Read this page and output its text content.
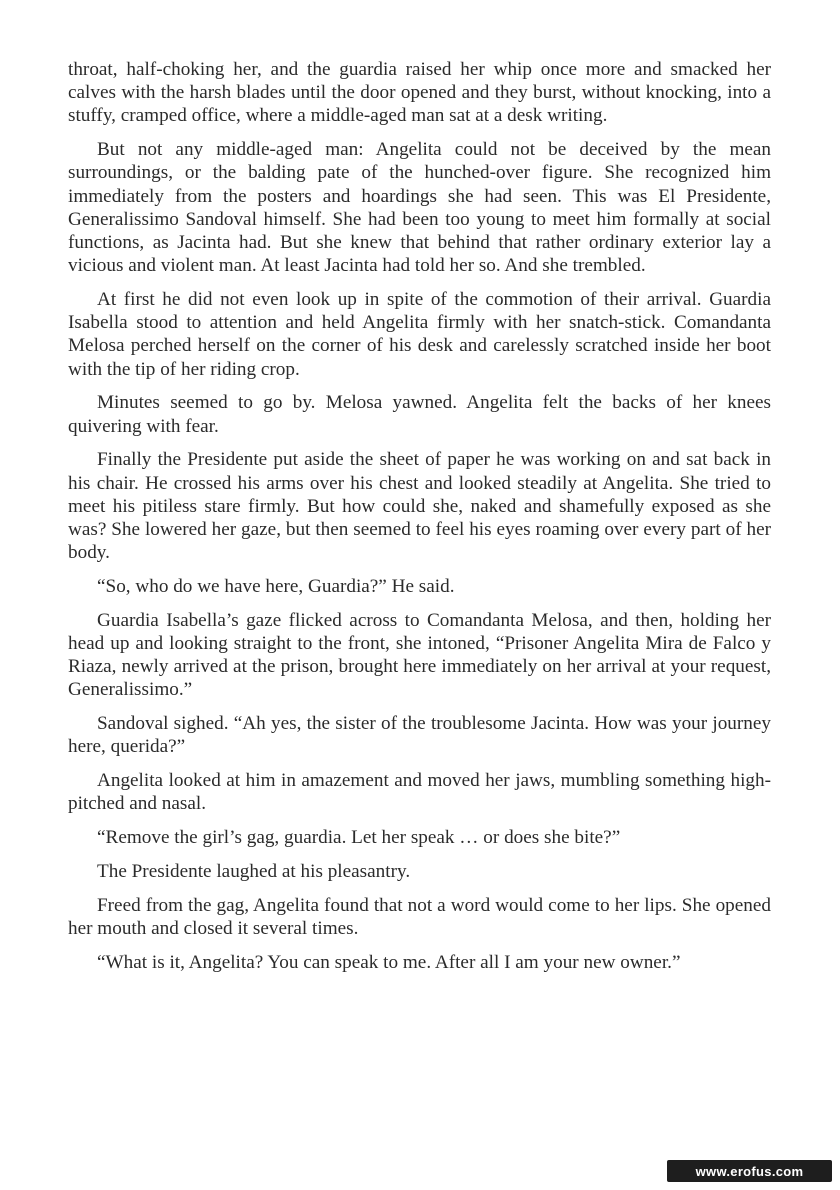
throat, half-choking her, and the guardia raised her whip once more and smacked her calves with the harsh blades until the door opened and they burst, without knocking, into a stuffy, cramped office, where a middle-aged man sat at a desk writing.

But not any middle-aged man: Angelita could not be deceived by the mean surroundings, or the balding pate of the hunched-over figure. She recognized him immediately from the posters and hoardings she had seen. This was El Presidente, Generalissimo Sandoval himself. She had been too young to meet him formally at social functions, as Jacinta had. But she knew that behind that rather ordinary exterior lay a vicious and violent man. At least Jacinta had told her so. And she trembled.

At first he did not even look up in spite of the commotion of their arrival. Guardia Isabella stood to attention and held Angelita firmly with her snatch-stick. Comandanta Melosa perched herself on the corner of his desk and carelessly scratched inside her boot with the tip of her riding crop.

Minutes seemed to go by. Melosa yawned. Angelita felt the backs of her knees quivering with fear.

Finally the Presidente put aside the sheet of paper he was working on and sat back in his chair. He crossed his arms over his chest and looked steadily at Angelita. She tried to meet his pitiless stare firmly. But how could she, naked and shamefully exposed as she was? She lowered her gaze, but then seemed to feel his eyes roaming over every part of her body.

“So, who do we have here, Guardia?” He said.

Guardia Isabella’s gaze flicked across to Comandanta Melosa, and then, holding her head up and looking straight to the front, she intoned, “Prisoner Angelita Mira de Falco y Riaza, newly arrived at the prison, brought here immediately on her arrival at your request, Generalissimo.”

Sandoval sighed. “Ah yes, the sister of the troublesome Jacinta. How was your journey here, querida?”

Angelita looked at him in amazement and moved her jaws, mumbling something high-pitched and nasal.

“Remove the girl’s gag, guardia. Let her speak … or does she bite?”

The Presidente laughed at his pleasantry.

Freed from the gag, Angelita found that not a word would come to her lips. She opened her mouth and closed it several times.

“What is it, Angelita? You can speak to me. After all I am your new owner.”

www.erofus.com
